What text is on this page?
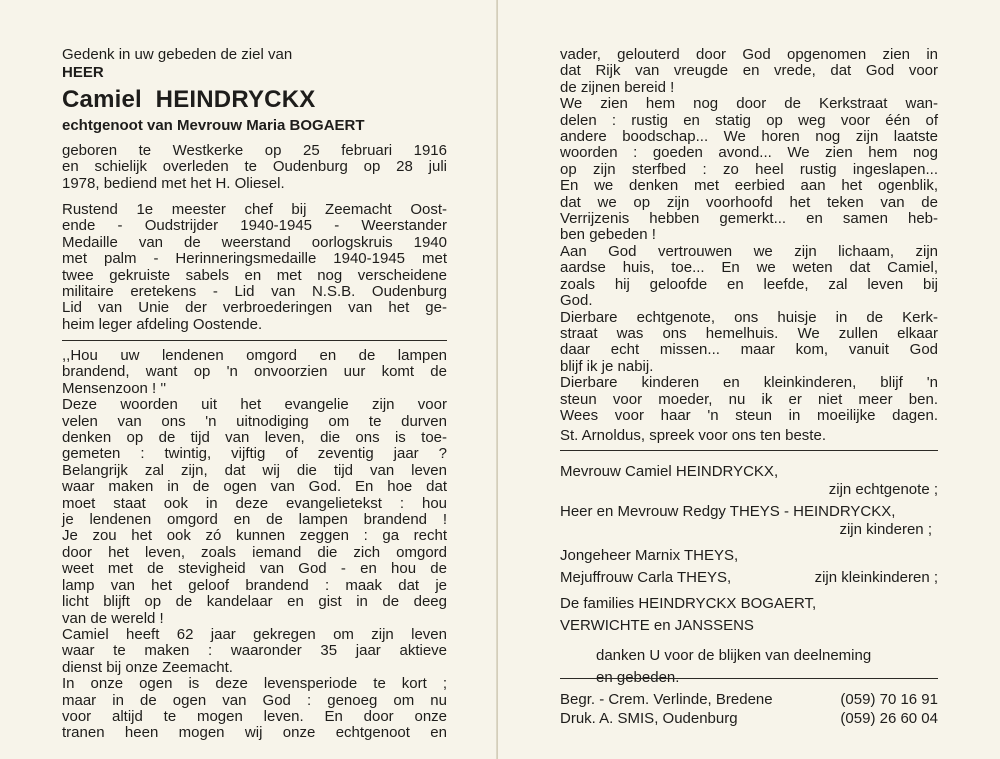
Gedenk in uw gebeden de ziel van

HEER

Camiel HEINDRYCKX
echtgenoot van Mevrouw Maria BOGAERT

geboren te Westkerke op 25 februari 1916

en schielijk overleden te Oudenburg op 28 juli

1978, bediend met het H. Oliesel.

Rustend 1e meester chef bij Zeemacht Oost-

ende - Oudstrijder 1940-1945 - Weerstander

Medaille van de weerstand oorlogskruis 1940

met palm - Herinneringsmedaille 1940-1945 met

twee gekruiste sabels en met nog verscheidene

militaire eretekens - Lid van N.S.B. Oudenburg

Lid van Unie der verbroederingen van het ge-

heim leger afdeling Oostende.

,,Hou uw lendenen omgord en de lampen

brandend, want op 'n onvoorzien uur komt de

Mensenzoon ! ''

Deze woorden uit het evangelie zijn voor

velen van ons 'n uitnodiging om te durven

denken op de tijd van leven, die ons is toe-

gemeten : twintig, vijftig of zeventig jaar ?

Belangrijk zal zijn, dat wij die tijd van leven

waar maken in de ogen van God. En hoe dat

moet staat ook in deze evangelietekst : hou

je lendenen omgord en de lampen brandend !

Je zou het ook zó kunnen zeggen : ga recht

door het leven, zoals iemand die zich omgord

weet met de stevigheid van God - en hou de

lamp van het geloof brandend : maak dat je

licht blijft op de kandelaar en gist in de deeg

van de wereld !

Camiel heeft 62 jaar gekregen om zijn leven

waar te maken : waaronder 35 jaar aktieve

dienst bij onze Zeemacht.

In onze ogen is deze levensperiode te kort ;

maar in de ogen van God : genoeg om nu

voor altijd te mogen leven. En door onze

tranen heen mogen wij onze echtgenoot en

vader, gelouterd door God opgenomen zien in

dat Rijk van vreugde en vrede, dat God voor

de zijnen bereid !

We zien hem nog door de Kerkstraat wan-

delen : rustig en statig op weg voor één of

andere boodschap... We horen nog zijn laatste

woorden : goeden avond... We zien hem nog

op zijn sterfbed : zo heel rustig ingeslapen...

En we denken met eerbied aan het ogenblik,

dat we op zijn voorhoofd het teken van de

Verrijzenis hebben gemerkt... en samen heb-

ben gebeden !

Aan God vertrouwen we zijn lichaam, zijn

aardse huis, toe... En we weten dat Camiel,

zoals hij geloofde en leefde, zal leven bij

God.

Dierbare echtgenote, ons huisje in de Kerk-

straat was ons hemelhuis. We zullen elkaar

daar echt missen... maar kom, vanuit God

blijf ik je nabij.

Dierbare kinderen en kleinkinderen, blijf 'n

steun voor moeder, nu ik er niet meer ben.

Wees voor haar 'n steun in moeilijke dagen.

St. Arnoldus, spreek voor ons ten beste.

Mevrouw Camiel HEINDRYCKX,

zijn echtgenote ;

Heer en Mevrouw Redgy THEYS - HEINDRYCKX,

zijn kinderen ;

Jongeheer Marnix THEYS,

Mejuffrouw Carla THEYS,	zijn kleinkinderen ;

De families HEINDRYCKX BOGAERT,

VERWICHTE en JANSSENS

danken U voor de blijken van deelneming

en gebeden.

Begr. - Crem. Verlinde, Bredene	(059) 70 16 91
Druk. A. SMIS, Oudenburg	(059) 26 60 04
